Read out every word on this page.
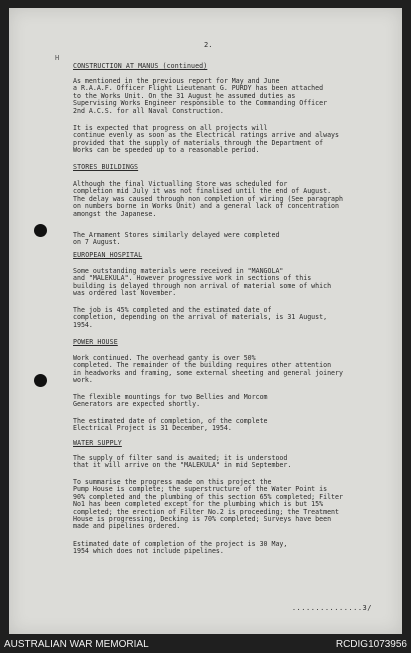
2.
H
CONSTRUCTION AT MANUS (continued)
As mentioned in the previous report for May and June
a R.A.A.F. Officer Flight Lieutenant G. PURDY has been attached
to the Works Unit. On the 31 August he assumed duties as
Supervising Works Engineer responsible to the Commanding Officer
2nd A.C.S. for all Naval Construction.
It is expected that progress on all projects will
continue evenly as soon as the Electrical ratings arrive and always
provided that the supply of materials through the Department of
Works can be speeded up to a reasonable period.
STORES BUILDINGS
Although the final Victualling Store was scheduled for
completion mid July it was not finalised until the end of August.
The delay was caused through non completion of wiring (See paragraph
on numbers borne in Works Unit) and a general lack of concentration
amongst the Japanese.
The Armament Stores similarly delayed were completed
on 7 August.
EUROPEAN HOSPITAL
Some outstanding materials were received in "MANGOLA"
and "MALEKULA". However progressive work in sections of this
building is delayed through non arrival of material some of which
was ordered last November.
The job is 45% completed and the estimated date of
completion, depending on the arrival of materials, is 31 August,
1954.
POWER HOUSE
Work continued. The overhead ganty is over 50%
completed. The remainder of the building requires other attention
in headworks and framing, some external sheeting and general joinery
work.
The flexible mountings for two Bellies and Morcom
Generators are expected shortly.
The estimated date of completion, of the complete
Electrical Project is 31 December, 1954.
WATER SUPPLY
The supply of filter sand is awaited; it is understood
that it will arrive on the "MALEKULA" in mid September.
To summarise the progress made on this project the
Pump House is complete; the superstructure of the Water Point is
90% completed and the plumbing of this section 65% completed; Filter
No1 has been completed except for the plumbing which is but 15%
completed; the erection of Filter No.2 is proceeding; the Treatment
House is progressing, Decking is 70% completed; Surveys have been
made and pipelines ordered.
Estimated date of completion of the project is 30 May,
1954 which does not include pipelines.
...............3/
AUSTRALIAN WAR MEMORIAL	RCDIG1073956
